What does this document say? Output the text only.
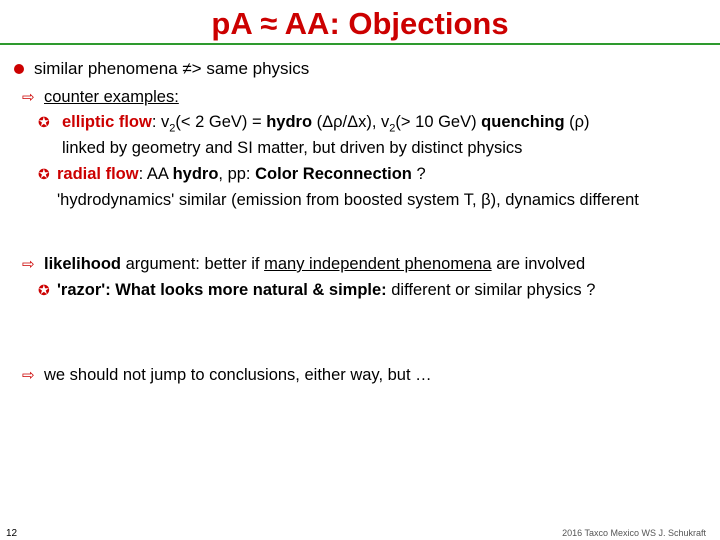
pA ≈ AA: Objections
similar phenomena ≠> same physics
⇨ counter examples:
✪ elliptic flow: $v_2(< 2$ GeV) = hydro (Δρ/Δx), $v_2(> 10$ GeV) quenching (ρ)
linked by geometry and SI matter, but driven by distinct physics
✪ radial flow: AA hydro, pp: Color Reconnection ?
'hydrodynamics' similar (emission from boosted system T, β), dynamics different
⇨ likelihood argument: better if many independent phenomena are involved
✪ 'razor': What looks more natural & simple: different or similar physics ?
⇨ we should not jump to conclusions, either way, but …
12	2016 Taxco Mexico WS J. Schukraft
